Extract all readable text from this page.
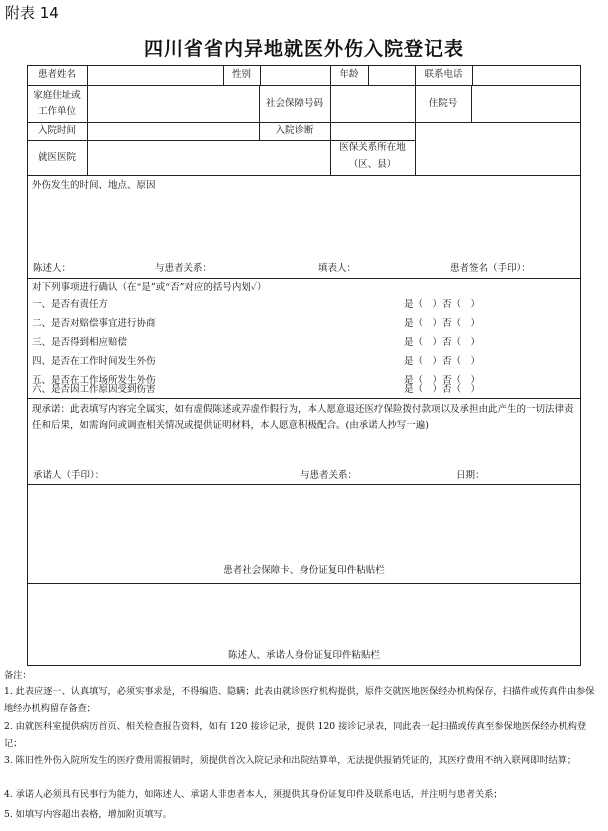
附表 14
四川省省内异地就医外伤入院登记表
患者姓名	性别	年龄	联系电话
家庭住址或
工作单位
社会保障号码	住院号
入院时间	入院诊断
就医医院
医保关系所在地
（区、县）
外伤发生的时间、地点、原因
陈述人：	与患者关系：	填表人：	患者签名（手印）：
对下列事项进行确认（在“是”或“否”对应的括号内划✓）
一、是否有责任方	是（　）否（　）
二、是否对赔偿事宜进行协商	是（　）否（　）
三、是否得到相应赔偿	是（　）否（　）
四、是否在工作时间发生外伤	是（　）否（　）
五、是否在工作场所发生外伤	是（　）否（　）
六、是否因工作原因受到伤害	是（　）否（　）
现承诺：此表填写内容完全属实，如有虚假陈述或弄虚作假行为，本人愿意退还医疗保险拨付款项以及承担由此产生的一切法律责任和后果，如需询问或调查相关情况或提供证明材料，本人愿意积极配合。(由承诺人抄写一遍)
承诺人（手印）：	与患者关系：	日期：
患者社会保障卡、身份证复印件粘贴栏
陈述人、承诺人身份证复印件粘贴栏
备注：
1. 此表应逐一、认真填写，必须实事求是，不得编造、隐瞒；此表由就诊医疗机构提供，原件交就医地医保经办机构保存，扫描件或传真件由参保地经办机构留存备查；
2. 由就医科室提供病历首页、相关检查报告资料，如有 120 接诊记录，提供 120 接诊记录表，同此表一起扫描或传真至参保地医保经办机构登记；
3. 陈旧性外伤入院所发生的医疗费用需报销时，须提供首次入院记录和出院结算单，无法提供报销凭证的，其医疗费用不纳入联网即时结算；
4. 承诺人必须具有民事行为能力，如陈述人、承诺人非患者本人，须提供其身份证复印件及联系电话，并注明与患者关系；
5. 如填写内容超出表格，增加附页填写。
